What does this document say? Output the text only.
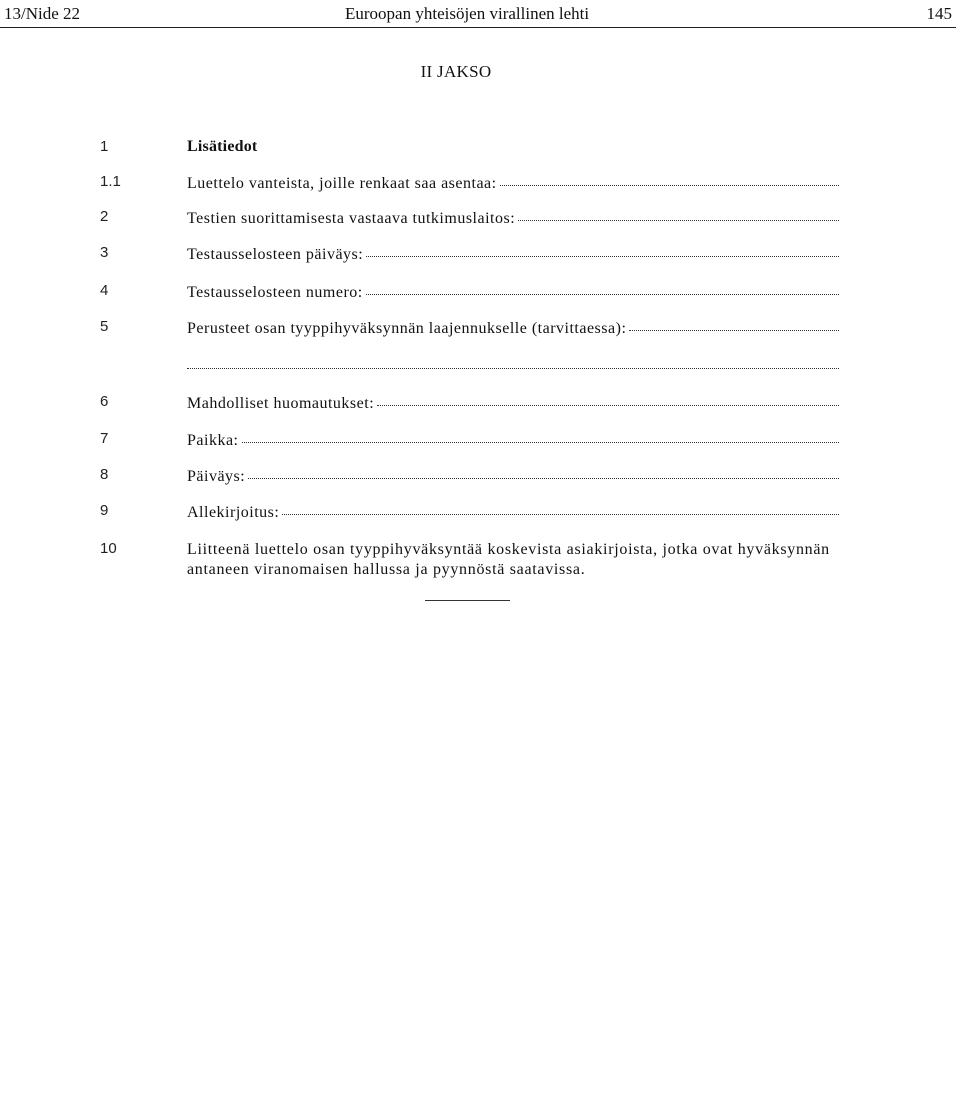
13/Nide 22	Euroopan yhteisöjen virallinen lehti	145
II JAKSO
1	Lisätiedot
1.1	Luettelo vanteista, joille renkaat saa asentaa:
2	Testien suorittamisesta vastaava tutkimuslaitos:
3	Testausselosteen päiväys:
4	Testausselosteen numero:
5	Perusteet osan tyyppihyväksynnän laajennukselle (tarvittaessa):
6	Mahdolliset huomautukset:
7	Paikka:
8	Päiväys:
9	Allekirjoitus:
10	Liitteenä luettelo osan tyyppihyväksyntää koskevista asiakirjoista, jotka ovat hyväksynnän
antaneen viranomaisen hallussa ja pyynnöstä saatavissa.
